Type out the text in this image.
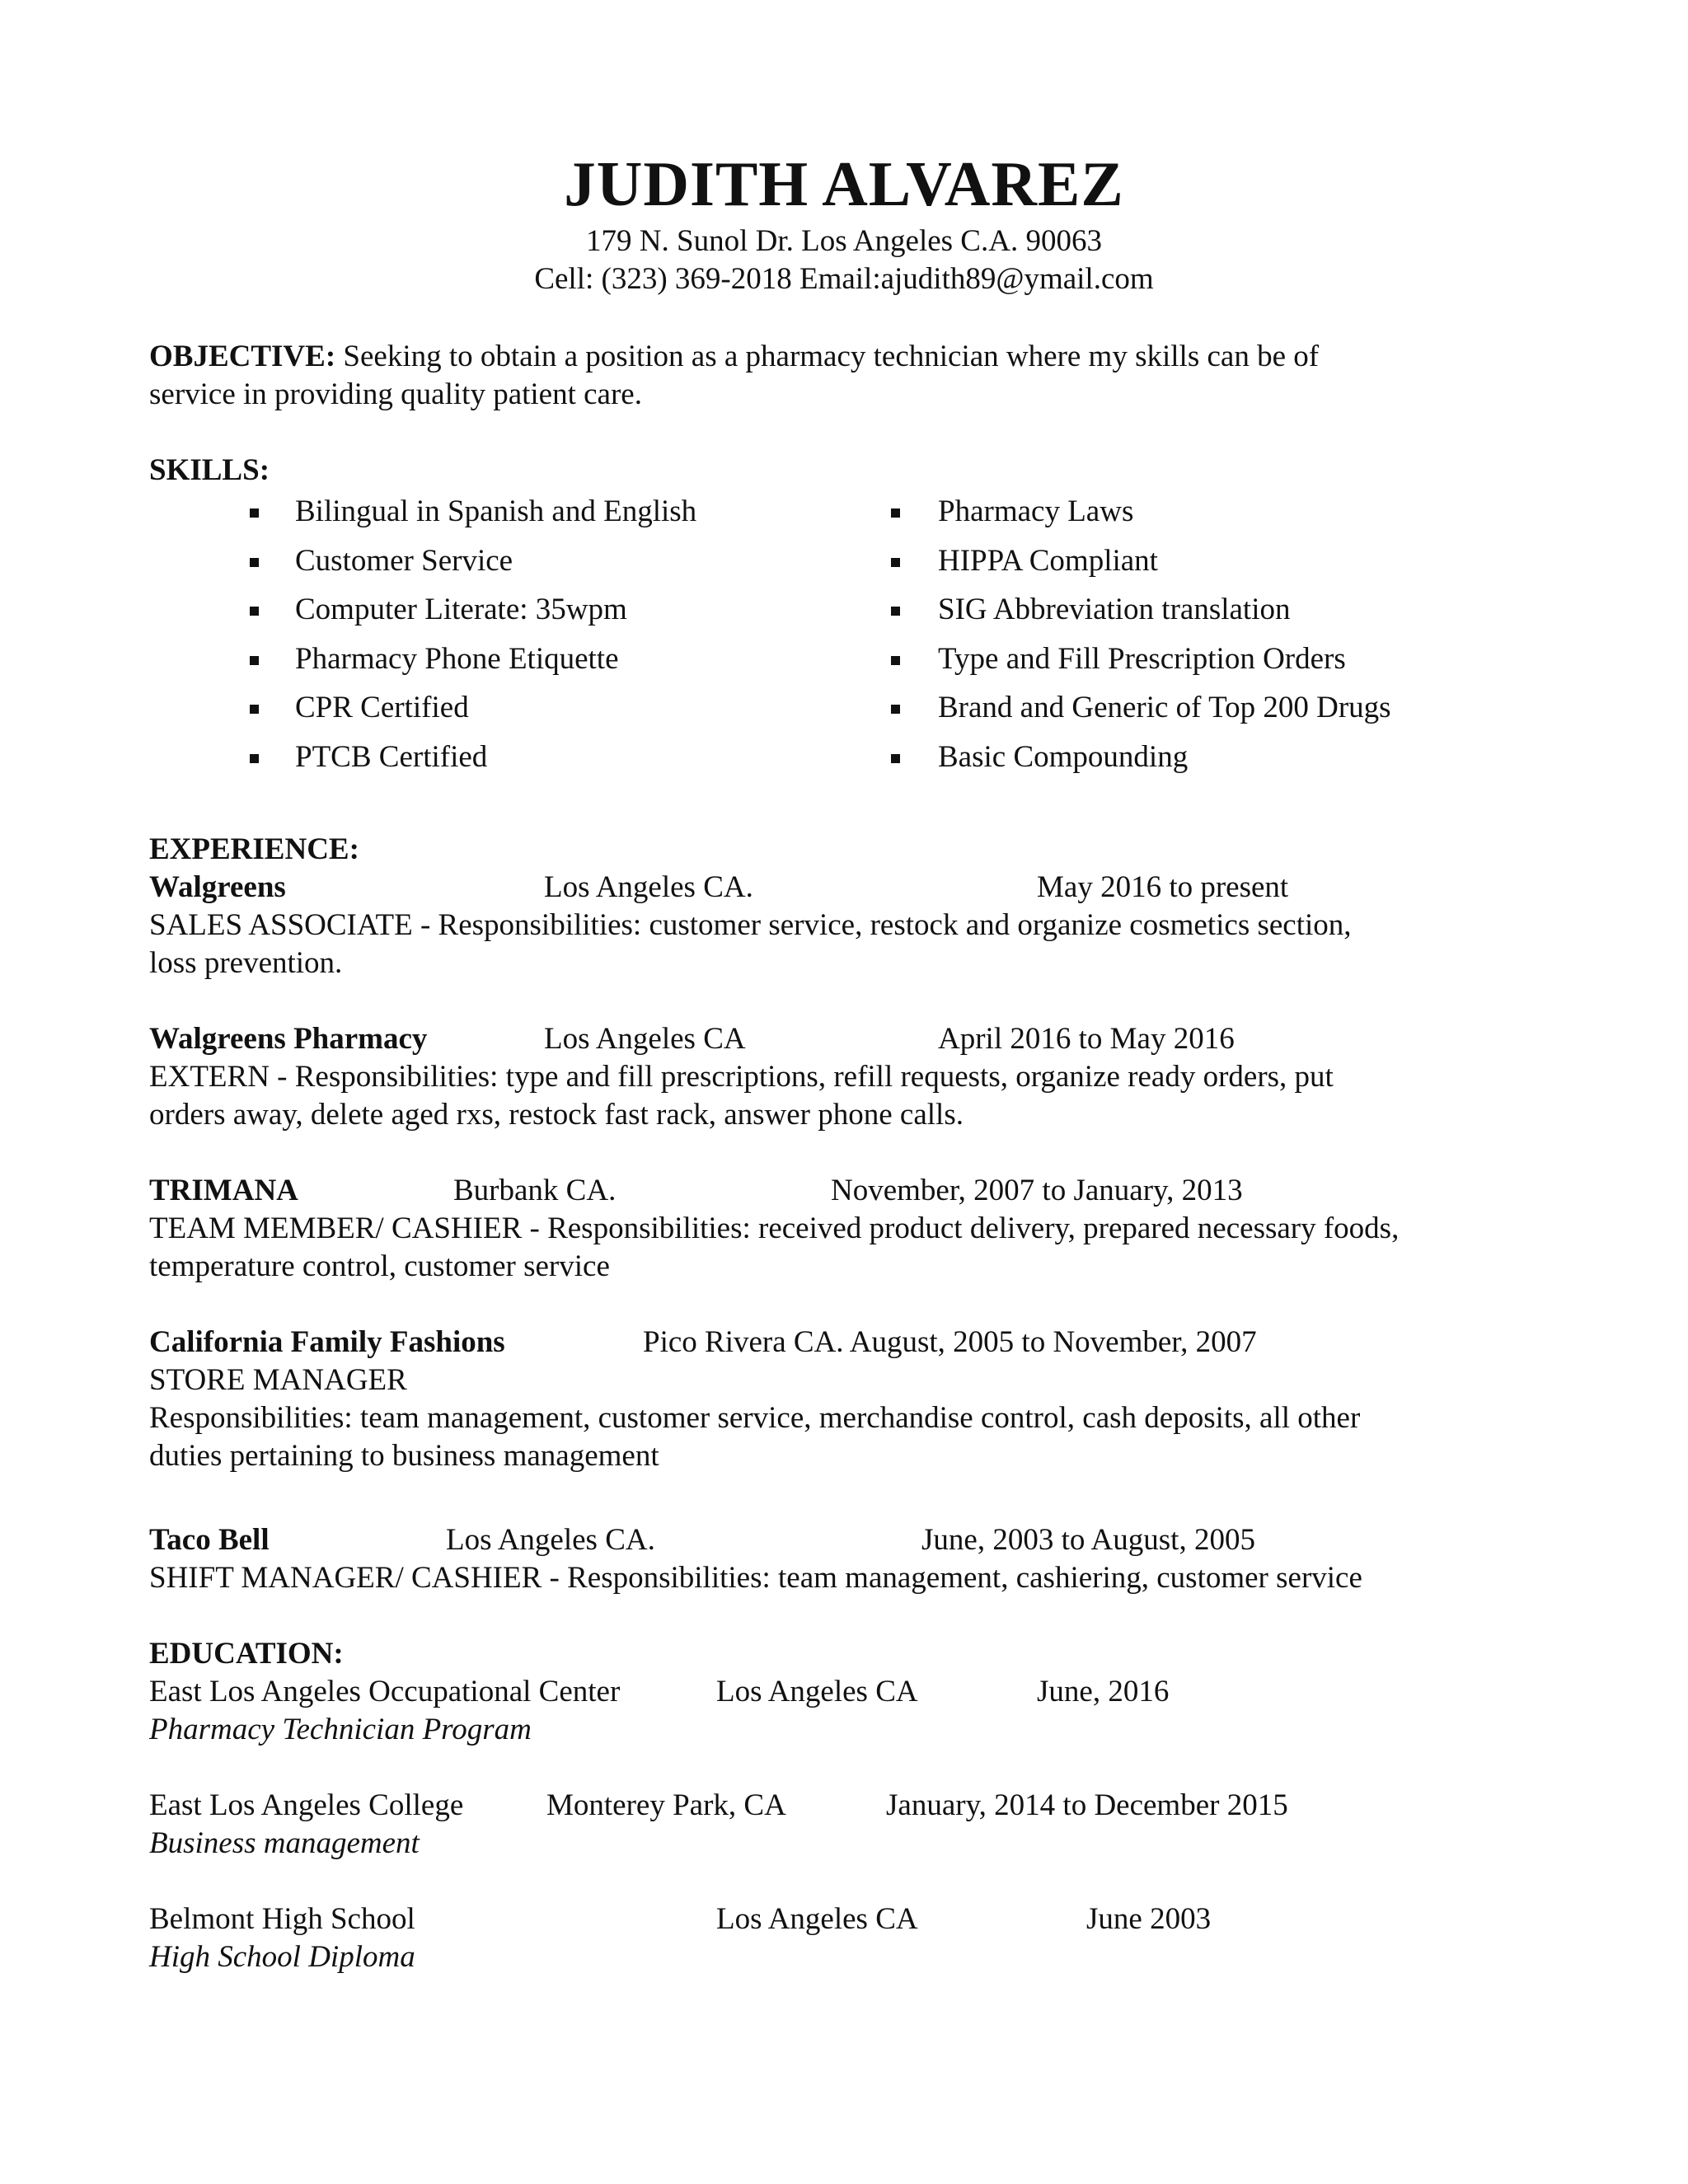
JUDITH ALVAREZ
179 N. Sunol Dr. Los Angeles C.A. 90063
Cell: (323) 369-2018 Email:ajudith89@ymail.com
OBJECTIVE: Seeking to obtain a position as a pharmacy technician where my skills can be of
service in providing quality patient care.
SKILLS:
Bilingual in Spanish and English
Customer Service
Computer Literate: 35wpm
Pharmacy Phone Etiquette
CPR Certified
PTCB Certified
Pharmacy Laws
HIPPA Compliant
SIG Abbreviation translation
Type and Fill Prescription Orders
Brand and Generic of Top 200 Drugs
Basic Compounding
EXPERIENCE:
Walgreens	Los Angeles CA.	May 2016 to present
SALES ASSOCIATE - Responsibilities: customer service, restock and organize cosmetics section,
loss prevention.
Walgreens Pharmacy	Los Angeles CA	April 2016 to May 2016
EXTERN - Responsibilities: type and fill prescriptions, refill requests, organize ready orders, put
orders away, delete aged rxs, restock fast rack, answer phone calls.
TRIMANA	Burbank CA.	November, 2007 to January, 2013
TEAM MEMBER/ CASHIER - Responsibilities: received product delivery, prepared necessary foods,
temperature control, customer service
California Family Fashions	Pico Rivera CA. August, 2005 to November, 2007
STORE MANAGER
Responsibilities: team management, customer service, merchandise control, cash deposits, all other
duties pertaining to business management
Taco Bell	Los Angeles CA.	June, 2003 to August, 2005
SHIFT MANAGER/ CASHIER - Responsibilities: team management, cashiering, customer service
EDUCATION:
East Los Angeles Occupational Center	Los Angeles CA	June, 2016
Pharmacy Technician Program
East Los Angeles College	Monterey Park, CA	January, 2014 to December 2015
Business management
Belmont High School	Los Angeles CA	June 2003
High School Diploma
